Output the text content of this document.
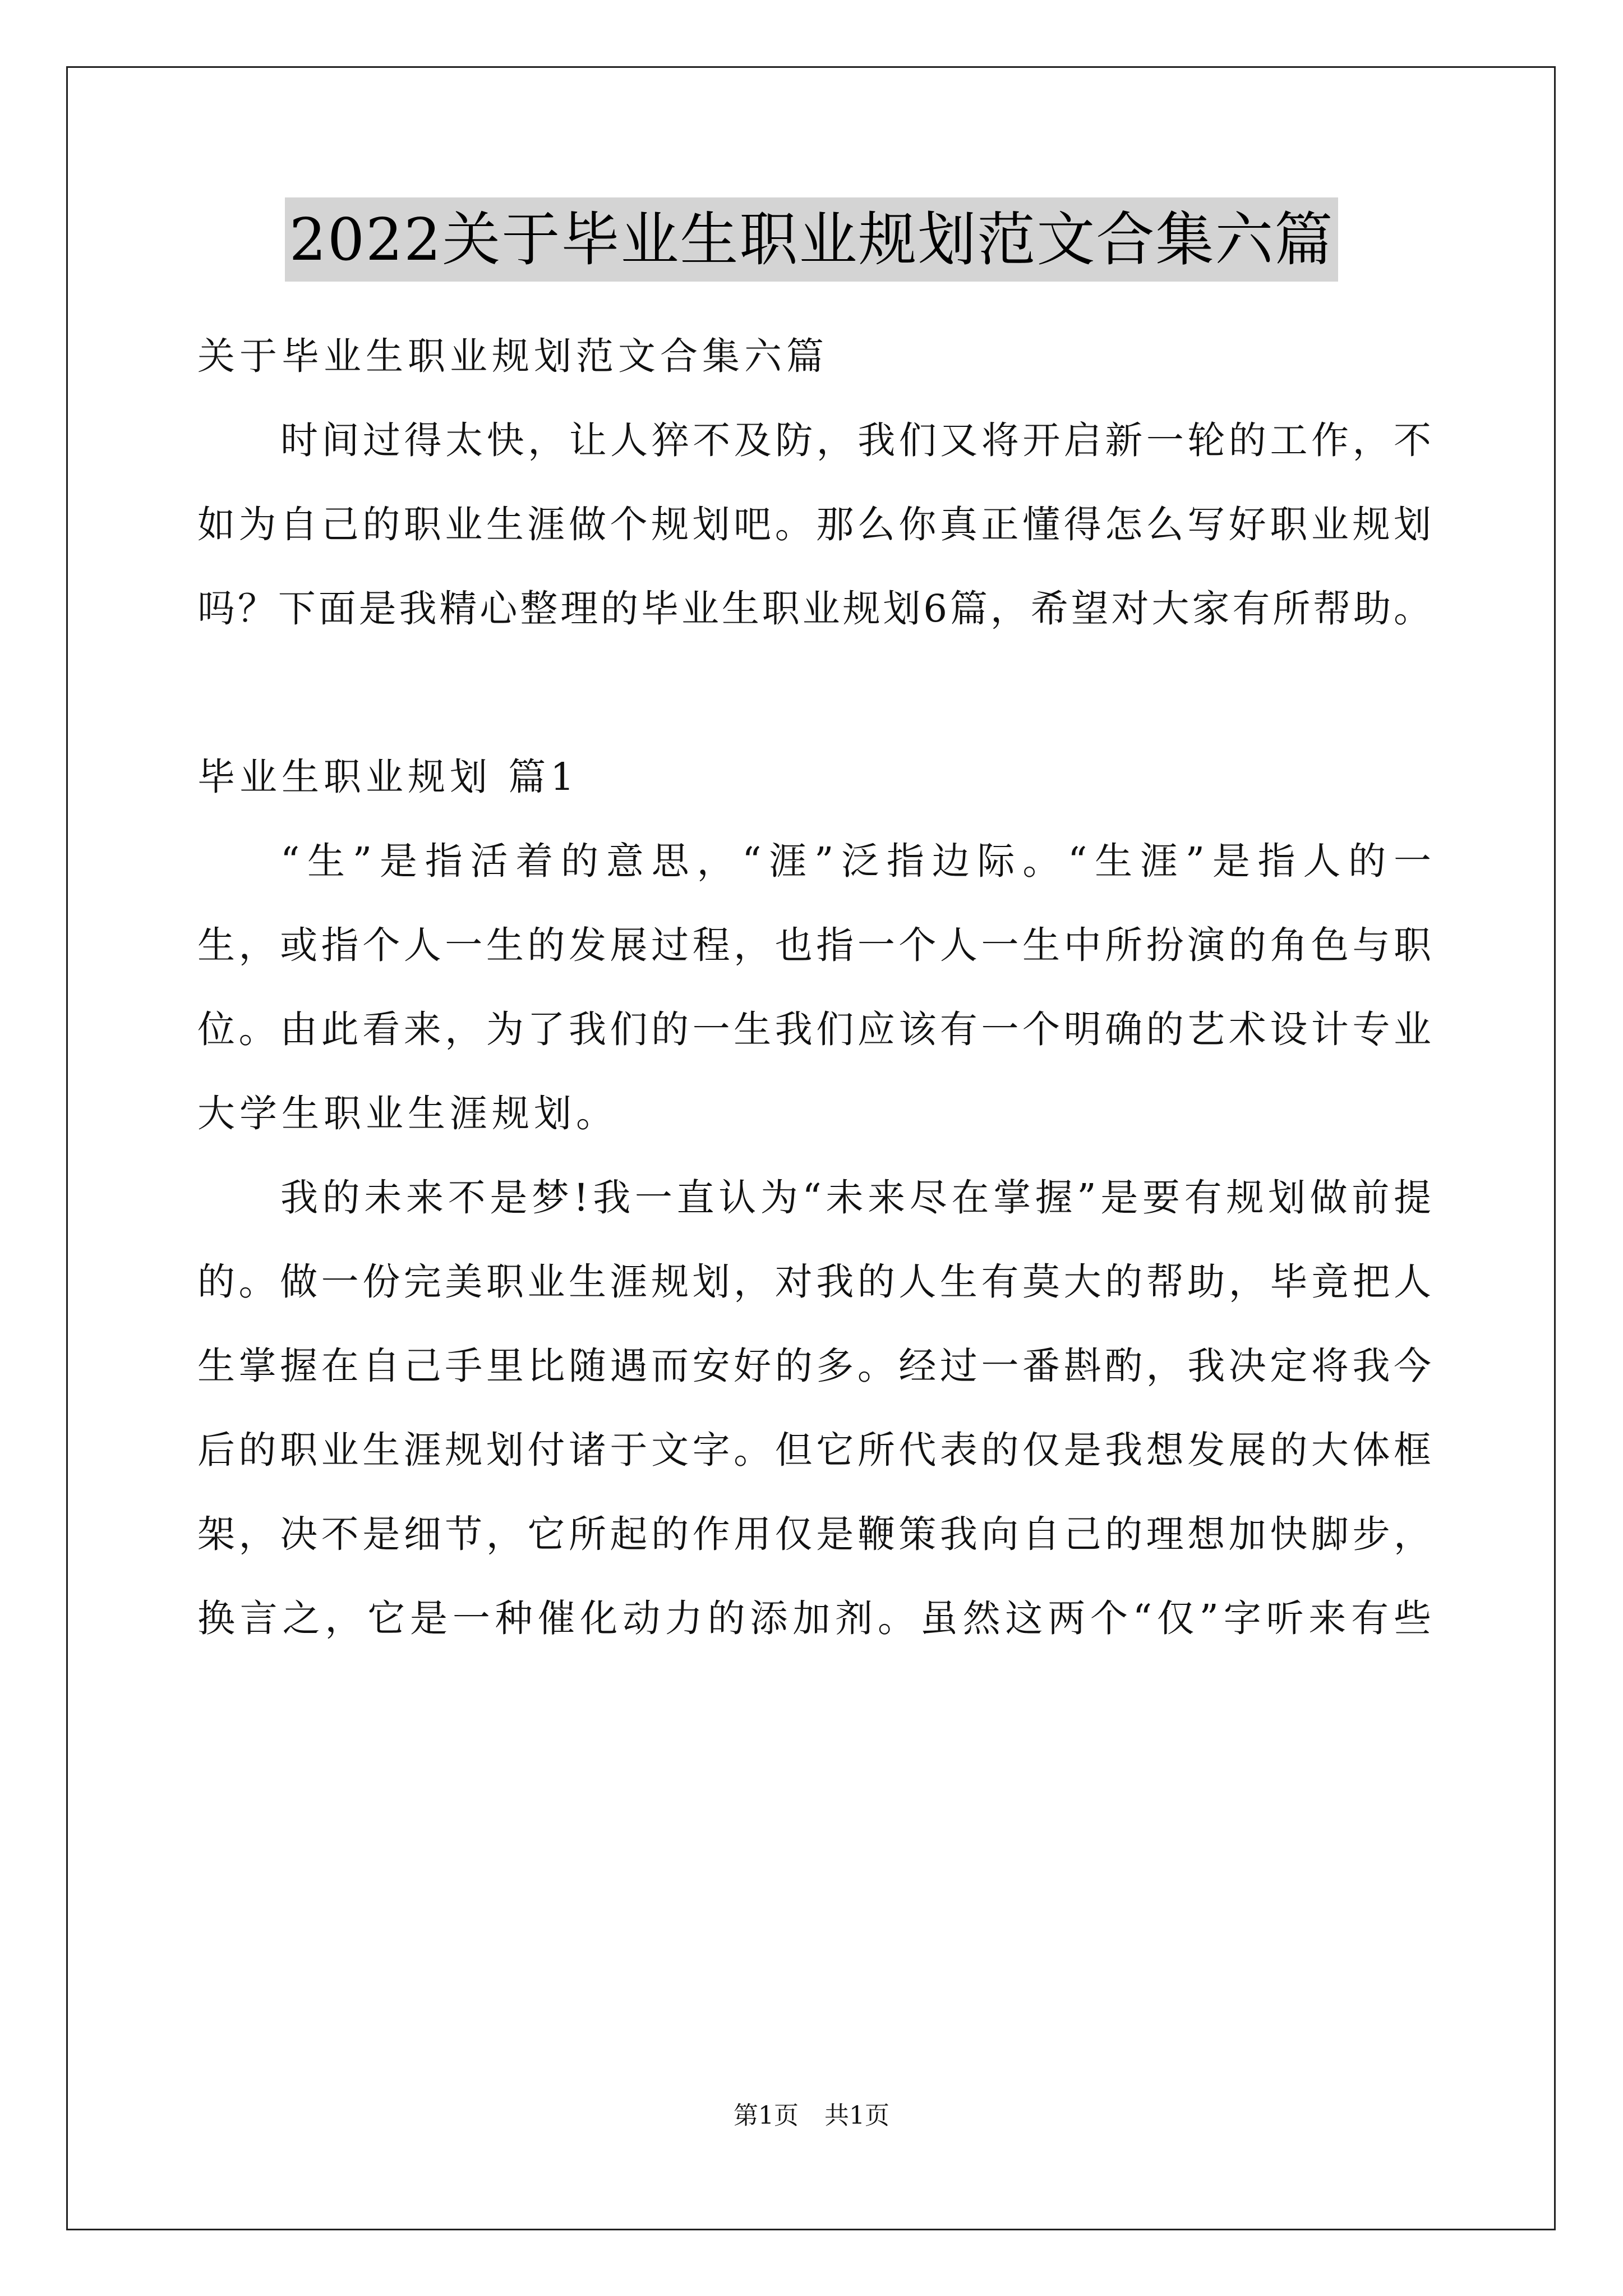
2022关于毕业生职业规划范文合集六篇
关于毕业生职业规划范文合集六篇
时间过得太快，让人猝不及防，我们又将开启新一轮的工作，不
如为自己的职业生涯做个规划吧。那么你真正懂得怎么写好职业规划
吗？下面是我精心整理的毕业生职业规划6篇，希望对大家有所帮助。
毕业生职业规划 篇1
“生”是指活着的意思，“涯”泛指边际。“生涯”是指人的一
生，或指个人一生的发展过程，也指一个人一生中所扮演的角色与职
位。由此看来，为了我们的一生我们应该有一个明确的艺术设计专业
大学生职业生涯规划。
我的未来不是梦!我一直认为“未来尽在掌握”是要有规划做前提
的。做一份完美职业生涯规划，对我的人生有莫大的帮助，毕竟把人
生掌握在自己手里比随遇而安好的多。经过一番斟酌，我决定将我今
后的职业生涯规划付诸于文字。但它所代表的仅是我想发展的大体框
架，决不是细节，它所起的作用仅是鞭策我向自己的理想加快脚步，
换言之，它是一种催化动力的添加剂。虽然这两个“仅”字听来有些
第1页 共1页
